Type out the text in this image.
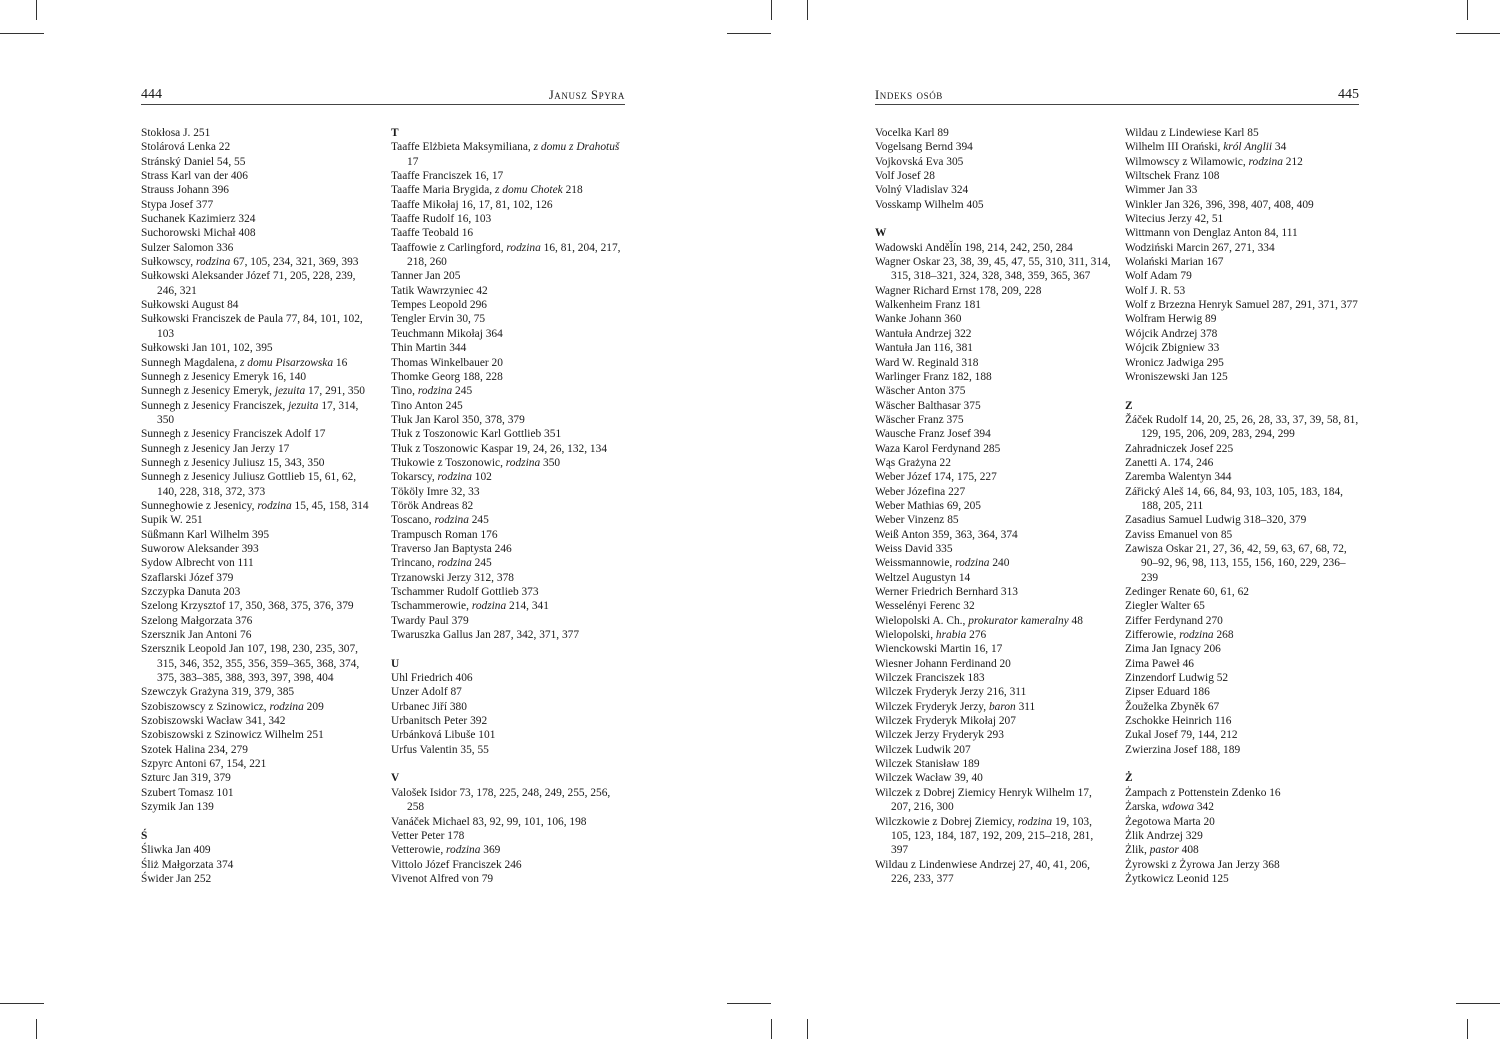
444	Janusz Spyra	Indeks osób	445
Stokłosa J. 251
Stolárová Lenka 22
Stránský Daniel 54, 55
Strass Karl van der 406
Strauss Johann 396
Stypa Josef 377
Suchanek Kazimierz 324
Suchorowski Michał 408
Sulzer Salomon 336
Sułkowscy, rodzina 67, 105, 234, 321, 369, 393
Sułkowski Aleksander Józef 71, 205, 228, 239, 246, 321
Sułkowski August 84
Sułkowski Franciszek de Paula 77, 84, 101, 102, 103
Sułkowski Jan 101, 102, 395
Sunnegh Magdalena, z domu Pisarzowska 16
Sunnegh z Jesenicy Emeryk 16, 140
Sunnegh z Jesenicy Emeryk, jezuita 17, 291, 350
Sunnegh z Jesenicy Franciszek, jezuita 17, 314, 350
Sunnegh z Jesenicy Franciszek Adolf 17
Sunnegh z Jesenicy Jan Jerzy 17
Sunnegh z Jesenicy Juliusz 15, 343, 350
Sunnegh z Jesenicy Juliusz Gottlieb 15, 61, 62, 140, 228, 318, 372, 373
Sunneghowie z Jesenicy, rodzina 15, 45, 158, 314
Supik W. 251
Süßmann Karl Wilhelm 395
Suworow Aleksander 393
Sydow Albrecht von 111
Szaflarski Józef 379
Szczypka Danuta 203
Szelong Krzysztof 17, 350, 368, 375, 376, 379
Szelong Małgorzata 376
Szersznik Jan Antoni 76
Szersznik Leopold Jan 107, 198, 230, 235, 307, 315, 346, 352, 355, 356, 359–365, 368, 374, 375, 383–385, 388, 393, 397, 398, 404
Szewczyk Grażyna 319, 379, 385
Szobiszowscy z Szinowicz, rodzina 209
Szobiszowski Wacław 341, 342
Szobiszowski z Szinowicz Wilhelm 251
Szotek Halina 234, 279
Szpyrc Antoni 67, 154, 221
Szturc Jan 319, 379
Szubert Tomasz 101
Szymik Jan 139
Ś
Śliwka Jan 409
Śliż Małgorzata 374
Świder Jan 252
T
Taaffe Elżbieta Maksymiliana, z domu z Drahotuš 17
Taaffe Franciszek 16, 17
Taaffe Maria Brygida, z domu Chotek 218
Taaffe Mikołaj 16, 17, 81, 102, 126
Taaffe Rudolf 16, 103
Taaffe Teobald 16
Taaffowie z Carlingford, rodzina 16, 81, 204, 217, 218, 260
Tanner Jan 205
Tatik Wawrzyniec 42
Tempes Leopold 296
Tengler Ervin 30, 75
Teuchmann Mikołaj 364
Thin Martin 344
Thomas Winkelbauer 20
Thomke Georg 188, 228
Tino, rodzina 245
Tino Anton 245
Tłuk Jan Karol 350, 378, 379
Tłuk z Toszonowic Karl Gottlieb 351
Tłuk z Toszonowic Kaspar 19, 24, 26, 132, 134
Tłukowie z Toszonowic, rodzina 350
Tokarscy, rodzina 102
Tököly Imre 32, 33
Török Andreas 82
Toscano, rodzina 245
Trampusch Roman 176
Traverso Jan Baptysta 246
Trincano, rodzina 245
Trzanowski Jerzy 312, 378
Tschammer Rudolf Gottlieb 373
Tschammerowie, rodzina 214, 341
Twardy Paul 379
Twaruszka Gallus Jan 287, 342, 371, 377
U
Uhl Friedrich 406
Unzer Adolf 87
Urbanec Jiří 380
Urbanitsch Peter 392
Urbánková Libuše 101
Urfus Valentin 35, 55
V
Valošek Isidor 73, 178, 225, 248, 249, 255, 256, 258
Vanáček Michael 83, 92, 99, 101, 106, 198
Vetter Peter 178
Vetterowie, rodzina 369
Vittolo Józef Franciszek 246
Vivenot Alfred von 79
Vocelka Karl 89
Vogelsang Bernd 394
Vojkovská Eva 305
Volf Josef 28
Volný Vladislav 324
Vosskamp Wilhelm 405
W
Wadowski Anděl̆ín 198, 214, 242, 250, 284
Wagner Oskar 23, 38, 39, 45, 47, 55, 310, 311, 314, 315, 318–321, 324, 328, 348, 359, 365, 367
Wagner Richard Ernst 178, 209, 228
Walkenheim Franz 181
Wanke Johann 360
Wantuła Andrzej 322
Wantuła Jan 116, 381
Ward W. Reginald 318
Warlinger Franz 182, 188
Wäscher Anton 375
Wäscher Balthasar 375
Wäscher Franz 375
Wausche Franz Josef 394
Waza Karol Ferdynand 285
Wąs Grażyna 22
Weber Józef 174, 175, 227
Weber Józefina 227
Weber Mathias 69, 205
Weber Vinzenz 85
Weiß Anton 359, 363, 364, 374
Weiss David 335
Weissmannowie, rodzina 240
Weltzel Augustyn 14
Werner Friedrich Bernhard 313
Wesselényi Ferenc 32
Wielopolski A. Ch., prokurator kameralny 48
Wielopolski, hrabia 276
Wienckowski Martin 16, 17
Wiesner Johann Ferdinand 20
Wilczek Franciszek 183
Wilczek Fryderyk Jerzy 216, 311
Wilczek Fryderyk Jerzy, baron 311
Wilczek Fryderyk Mikołaj 207
Wilczek Jerzy Fryderyk 293
Wilczek Ludwik 207
Wilczek Stanisław 189
Wilczek Wacław 39, 40
Wilczek z Dobrej Ziemicy Henryk Wilhelm 17, 207, 216, 300
Wilczkowie z Dobrej Ziemicy, rodzina 19, 103, 105, 123, 184, 187, 192, 209, 215–218, 281, 397
Wildau z Lindenwiese Andrzej 27, 40, 41, 206, 226, 233, 377
Wildau z Lindewiese Karl 85
Wilhelm III Orański, król Anglii 34
Wilmowscy z Wilamowic, rodzina 212
Wiltschek Franz 108
Wimmer Jan 33
Winkler Jan 326, 396, 398, 407, 408, 409
Witecius Jerzy 42, 51
Wittmann von Denglaz Anton 84, 111
Wodziński Marcin 267, 271, 334
Wolański Marian 167
Wolf Adam 79
Wolf J. R. 53
Wolf z Brzezna Henryk Samuel 287, 291, 371, 377
Wolfram Herwig 89
Wójcik Andrzej 378
Wójcik Zbigniew 33
Wronicz Jadwiga 295
Wroniszewski Jan 125
Z
Žáček Rudolf 14, 20, 25, 26, 28, 33, 37, 39, 58, 81, 129, 195, 206, 209, 283, 294, 299
Zahradniczek Josef 225
Zanetti A. 174, 246
Zaremba Walentyn 344
Zářický Aleš 14, 66, 84, 93, 103, 105, 183, 184, 188, 205, 211
Zasadius Samuel Ludwig 318–320, 379
Zaviss Emanuel von 85
Zawisza Oskar 21, 27, 36, 42, 59, 63, 67, 68, 72, 90–92, 96, 98, 113, 155, 156, 160, 229, 236–239
Zedinger Renate 60, 61, 62
Ziegler Walter 65
Ziffer Ferdynand 270
Zifferowie, rodzina 268
Zima Jan Ignacy 206
Zima Paweł 46
Zinzendorf Ludwig 52
Zipser Eduard 186
Žouželka Zbyněk 67
Zschokke Heinrich 116
Zukal Josef 79, 144, 212
Zwierzina Josef 188, 189
Ż
Żampach z Pottenstein Zdenko 16
Żarska, wdowa 342
Żegotowa Marta 20
Żlik Andrzej 329
Żlik, pastor 408
Żyrowski z Żyrowa Jan Jerzy 368
Żytkowicz Leonid 125
